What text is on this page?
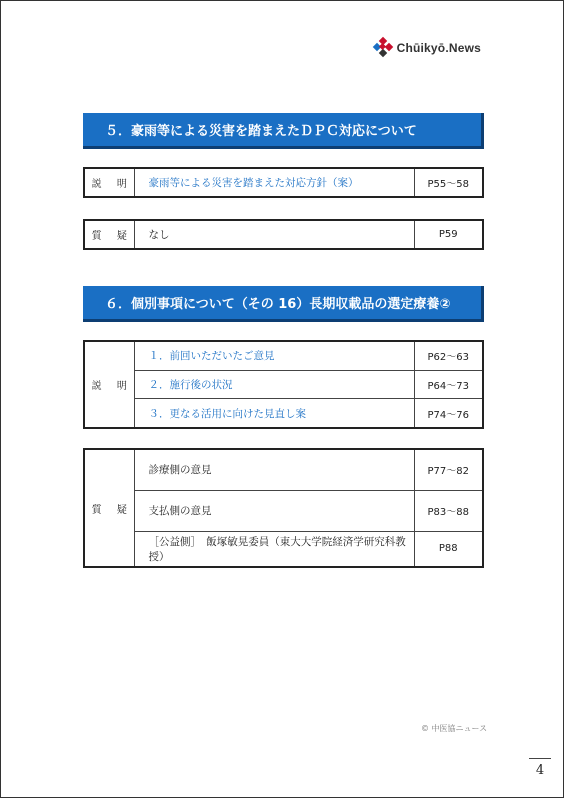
Chūikyō.News
５．豪雨等による災害を踏まえたＤＰＣ対応について
説 明	豪雨等による災害を踏まえた対応方針（案）	P55～58
質 疑	なし	P59
６．個別事項について（その 16）長期収載品の選定療養②
説 明	１．前回いただいたご意見	P62～63
	２．施行後の状況	P64～73
	３．更なる活用に向けた見直し案	P74～76
質 疑	診療側の意見	P77～82
	支払側の意見	P83～88
	［公益側］　飯塚敏晃委員（東大大学院経済学研究科教授）	P88
© 中医協ニュース
4
